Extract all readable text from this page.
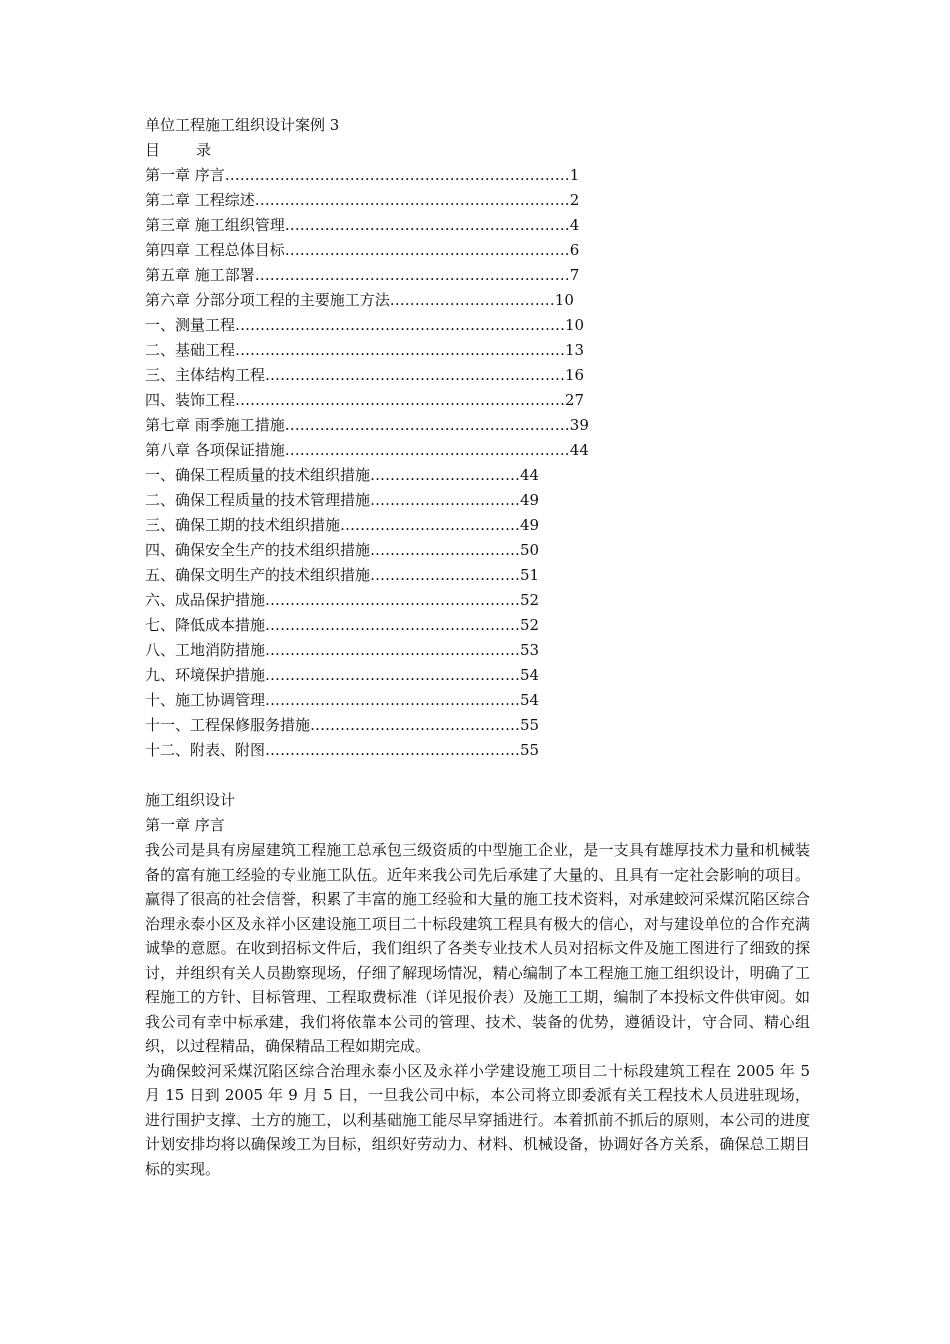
单位工程施工组织设计案例 3
目 录
第一章 序言……………………………………………………………1
第二章 工程综述………………………………………………………2
第三章 施工组织管理…………………………………………………4
第四章 工程总体目标…………………………………………………6
第五章 施工部署………………………………………………………7
第六章 分部分项工程的主要施工方法……………………………10
一、测量工程…………………………………………………………10
二、基础工程…………………………………………………………13
三、主体结构工程……………………………………………………16
四、装饰工程…………………………………………………………27
第七章 雨季施工措施…………………………………………………39
第八章 各项保证措施…………………………………………………44
一、确保工程质量的技术组织措施…………………………44
二、确保工程质量的技术管理措施…………………………49
三、确保工期的技术组织措施………………………………49
四、确保安全生产的技术组织措施…………………………50
五、确保文明生产的技术组织措施…………………………51
六、成品保护措施……………………………………………52
七、降低成本措施……………………………………………52
八、工地消防措施……………………………………………53
九、环境保护措施……………………………………………54
十、施工协调管理……………………………………………54
十一、工程保修服务措施……………………………………55
十二、附表、附图……………………………………………55
施工组织设计
第一章 序言
我公司是具有房屋建筑工程施工总承包三级资质的中型施工企业，是一支具有雄厚技术力量和机械装备的富有施工经验的专业施工队伍。近年来我公司先后承建了大量的、且具有一定社会影响的项目。赢得了很高的社会信誉，积累了丰富的施工经验和大量的施工技术资料，对承建蛟河采煤沉陷区综合治理永泰小区及永祥小区建设施工项目二十标段建筑工程具有极大的信心，对与建设单位的合作充满诚挚的意愿。在收到招标文件后，我们组织了各类专业技术人员对招标文件及施工图进行了细致的探讨，并组织有关人员勘察现场，仔细了解现场情况，精心编制了本工程施工施工组织设计，明确了工程施工的方针、目标管理、工程取费标准（详见报价表）及施工工期，编制了本投标文件供审阅。如我公司有幸中标承建，我们将依靠本公司的管理、技术、装备的优势，遵循设计，守合同、精心组织，以过程精品，确保精品工程如期完成。
为确保蛟河采煤沉陷区综合治理永泰小区及永祥小学建设施工项目二十标段建筑工程在 2005 年 5 月 15 日到 2005 年 9 月 5 日，一旦我公司中标，本公司将立即委派有关工程技术人员进驻现场，进行围护支撑、土方的施工，以利基础施工能尽早穿插进行。本着抓前不抓后的原则，本公司的进度计划安排均将以确保竣工为目标，组织好劳动力、材料、机械设备，协调好各方关系，确保总工期目标的实现。
